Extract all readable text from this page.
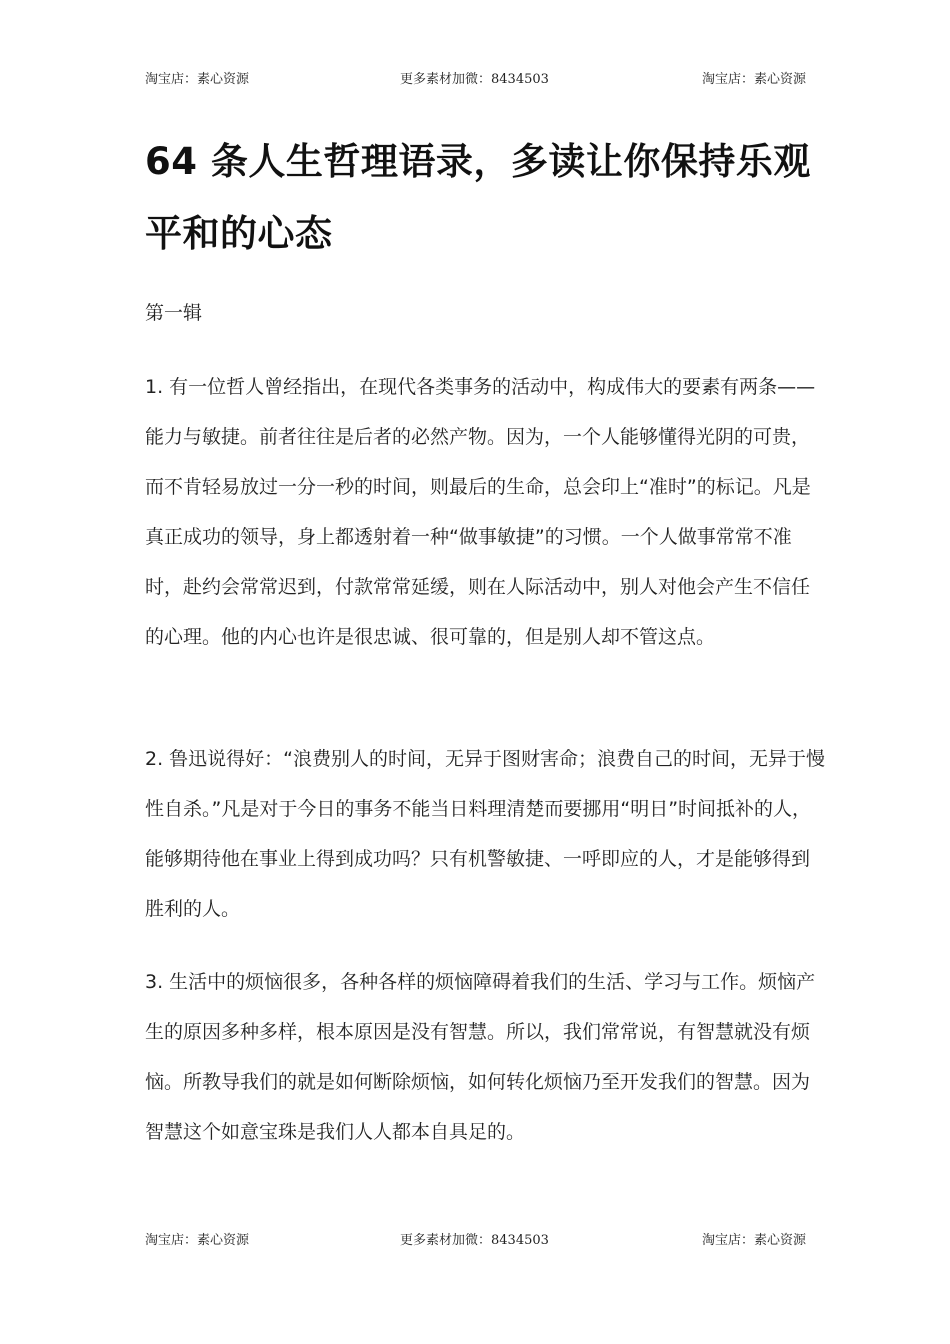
淘宝店：素心资源	更多素材加微：8434503	淘宝店：素心资源
64 条人生哲理语录，多读让你保持乐观平和的心态

第一辑

1. 有一位哲人曾经指出，在现代各类事务的活动中，构成伟大的要素有两条——能力与敏捷。前者往往是后者的必然产物。因为，一个人能够懂得光阴的可贵，而不肯轻易放过一分一秒的时间，则最后的生命，总会印上“准时”的标记。凡是真正成功的领导，身上都透射着一种“做事敏捷”的习惯。一个人做事常常不准时，赴约会常常迟到，付款常常延缓，则在人际活动中，别人对他会产生不信任的心理。他的内心也许是很忠诚、很可靠的，但是别人却不管这点。

2. 鲁迅说得好：“浪费别人的时间，无异于图财害命；浪费自己的时间，无异于慢性自杀。”凡是对于今日的事务不能当日料理清楚而要挪用“明日”时间抵补的人，能够期待他在事业上得到成功吗？只有机警敏捷、一呼即应的人，才是能够得到胜利的人。

3. 生活中的烦恼很多，各种各样的烦恼障碍着我们的生活、学习与工作。烦恼产生的原因多种多样，根本原因是没有智慧。所以，我们常常说，有智慧就没有烦恼。所教导我们的就是如何断除烦恼，如何转化烦恼乃至开发我们的智慧。因为智慧这个如意宝珠是我们人人都本自具足的。

淘宝店：素心资源	更多素材加微：8434503	淘宝店：素心资源
